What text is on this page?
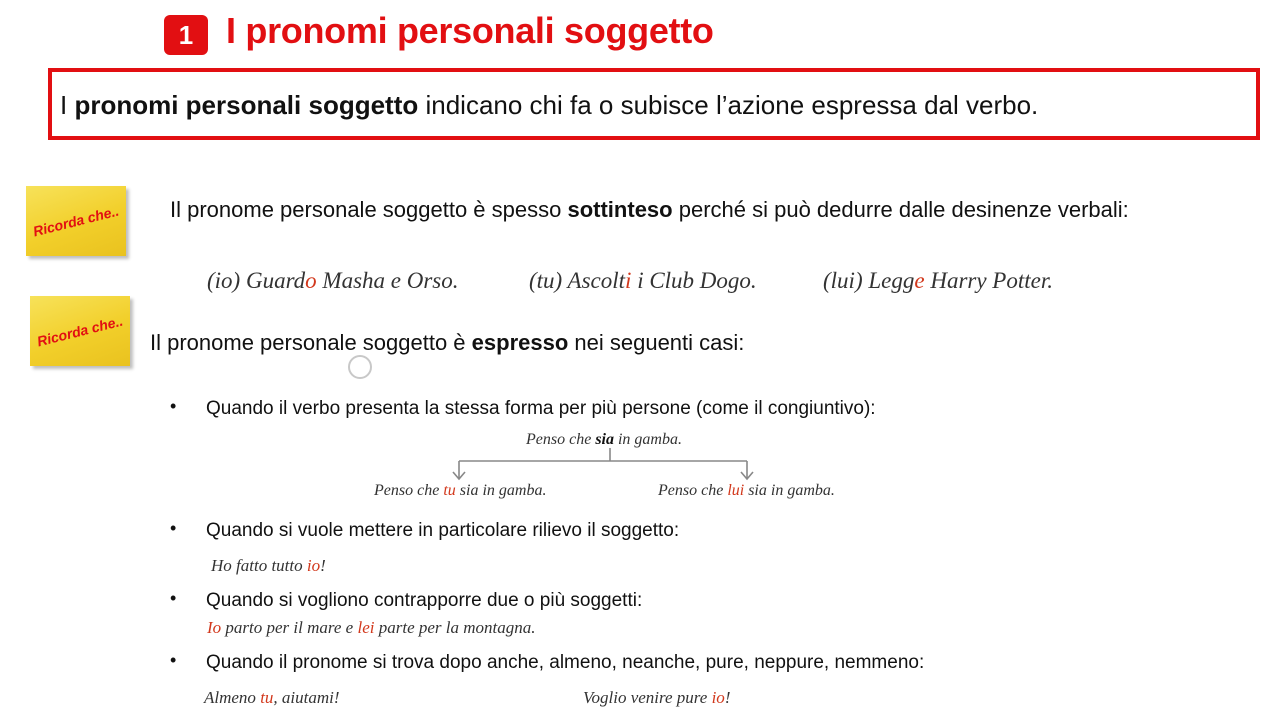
1 I pronomi personali soggetto
I pronomi personali soggetto indicano chi fa o subisce l’azione espressa dal verbo.
Ricorda che..
Ricorda che..
Il pronome personale soggetto è spesso sottinteso perché si può dedurre dalle desinenze verbali:
(io) Guardo Masha e Orso.	(tu) Ascolti i Club Dogo.	(lui) Legge Harry Potter.
Il pronome personale soggetto è espresso nei seguenti casi:
• Quando il verbo presenta la stessa forma per più persone (come il congiuntivo):
Penso che sia in gamba.
Penso che tu sia in gamba.	Penso che lui sia in gamba.
• Quando si vuole mettere in particolare rilievo il soggetto:
Ho fatto tutto io!
• Quando si vogliono contrapporre due o più soggetti:
Io parto per il mare e lei parte per la montagna.
• Quando il pronome si trova dopo anche, almeno, neanche, pure, neppure, nemmeno:
Almeno tu, aiutami!	Voglio venire pure io!
